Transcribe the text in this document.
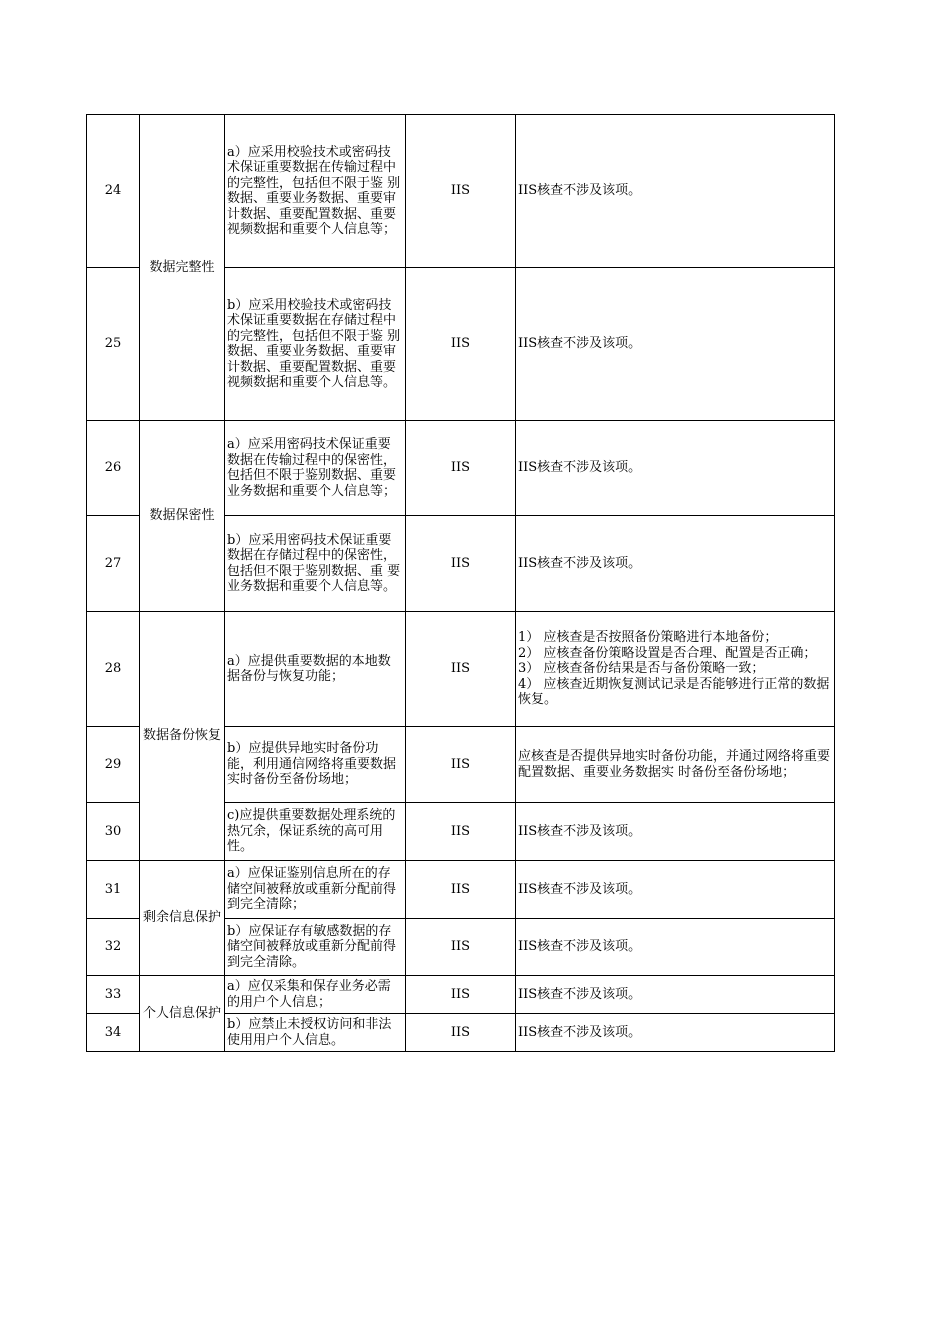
24	数据完整性	a）应采用校验技术或密码技术保证重要数据在传输过程中的完整性，包括但不限于鉴 别数据、重要业务数据、重要审计数据、重要配置数据、重要视频数据和重要个人信息等；	IIS	IIS核查不涉及该项。
25		b）应采用校验技术或密码技术保证重要数据在存储过程中的完整性，包括但不限于鉴 别数据、重要业务数据、重要审计数据、重要配置数据、重要视频数据和重要个人信息等。	IIS	IIS核查不涉及该项。
26	数据保密性	a）应采用密码技术保证重要数据在传输过程中的保密性，包括但不限于鉴别数据、重要业务数据和重要个人信息等；	IIS	IIS核查不涉及该项。
27		b）应采用密码技术保证重要数据在存储过程中的保密性，包括但不限于鉴别数据、重 要业务数据和重要个人信息等。	IIS	IIS核查不涉及该项。
28	数据备份恢复	a）应提供重要数据的本地数据备份与恢复功能；	IIS	1） 应核查是否按照备份策略进行本地备份；
2） 应核查备份策略设置是否合理、配置是否正确；
3） 应核查备份结果是否与备份策略一致；
4） 应核查近期恢复测试记录是否能够进行正常的数据恢复。

29		b）应提供异地实时备份功能，利用通信网络将重要数据实时备份至备份场地；	IIS	应核查是否提供异地实时备份功能，并通过网络将重要配置数据、重要业务数据实 时备份至备份场地；
30		c)应提供重要数据处理系统的热冗余，保证系统的高可用性。	IIS	IIS核查不涉及该项。
31	剩余信息保护	a）应保证鉴别信息所在的存储空间被释放或重新分配前得到完全清除；	IIS	IIS核查不涉及该项。
32		b）应保证存有敏感数据的存储空间被释放或重新分配前得到完全清除。	IIS	IIS核查不涉及该项。
33	个人信息保护	a）应仅采集和保存业务必需的用户个人信息；	IIS	IIS核查不涉及该项。
34		b）应禁止未授权访问和非法使用用户个人信息。	IIS	IIS核查不涉及该项。
